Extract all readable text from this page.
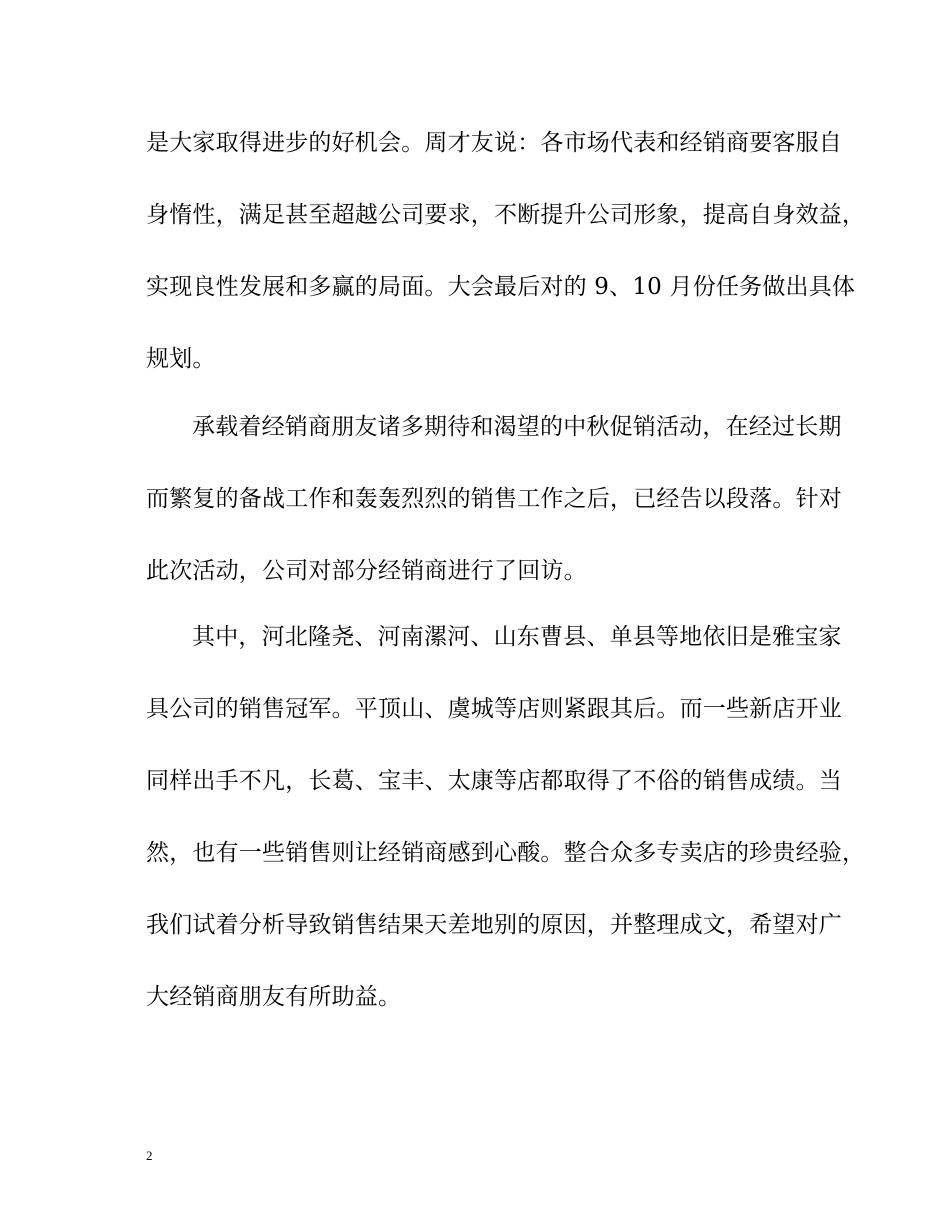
是大家取得进步的好机会。周才友说：各市场代表和经销商要客服自
身惰性，满足甚至超越公司要求，不断提升公司形象，提高自身效益，
实现良性发展和多赢的局面。大会最后对的 9、10 月份任务做出具体
规划。
承载着经销商朋友诸多期待和渴望的中秋促销活动，在经过长期
而繁复的备战工作和轰轰烈烈的销售工作之后，已经告以段落。针对
此次活动，公司对部分经销商进行了回访。
其中，河北隆尧、河南漯河、山东曹县、单县等地依旧是雅宝家
具公司的销售冠军。平顶山、虞城等店则紧跟其后。而一些新店开业
同样出手不凡，长葛、宝丰、太康等店都取得了不俗的销售成绩。当
然，也有一些销售则让经销商感到心酸。整合众多专卖店的珍贵经验，
我们试着分析导致销售结果天差地别的原因，并整理成文，希望对广
大经销商朋友有所助益。
2
